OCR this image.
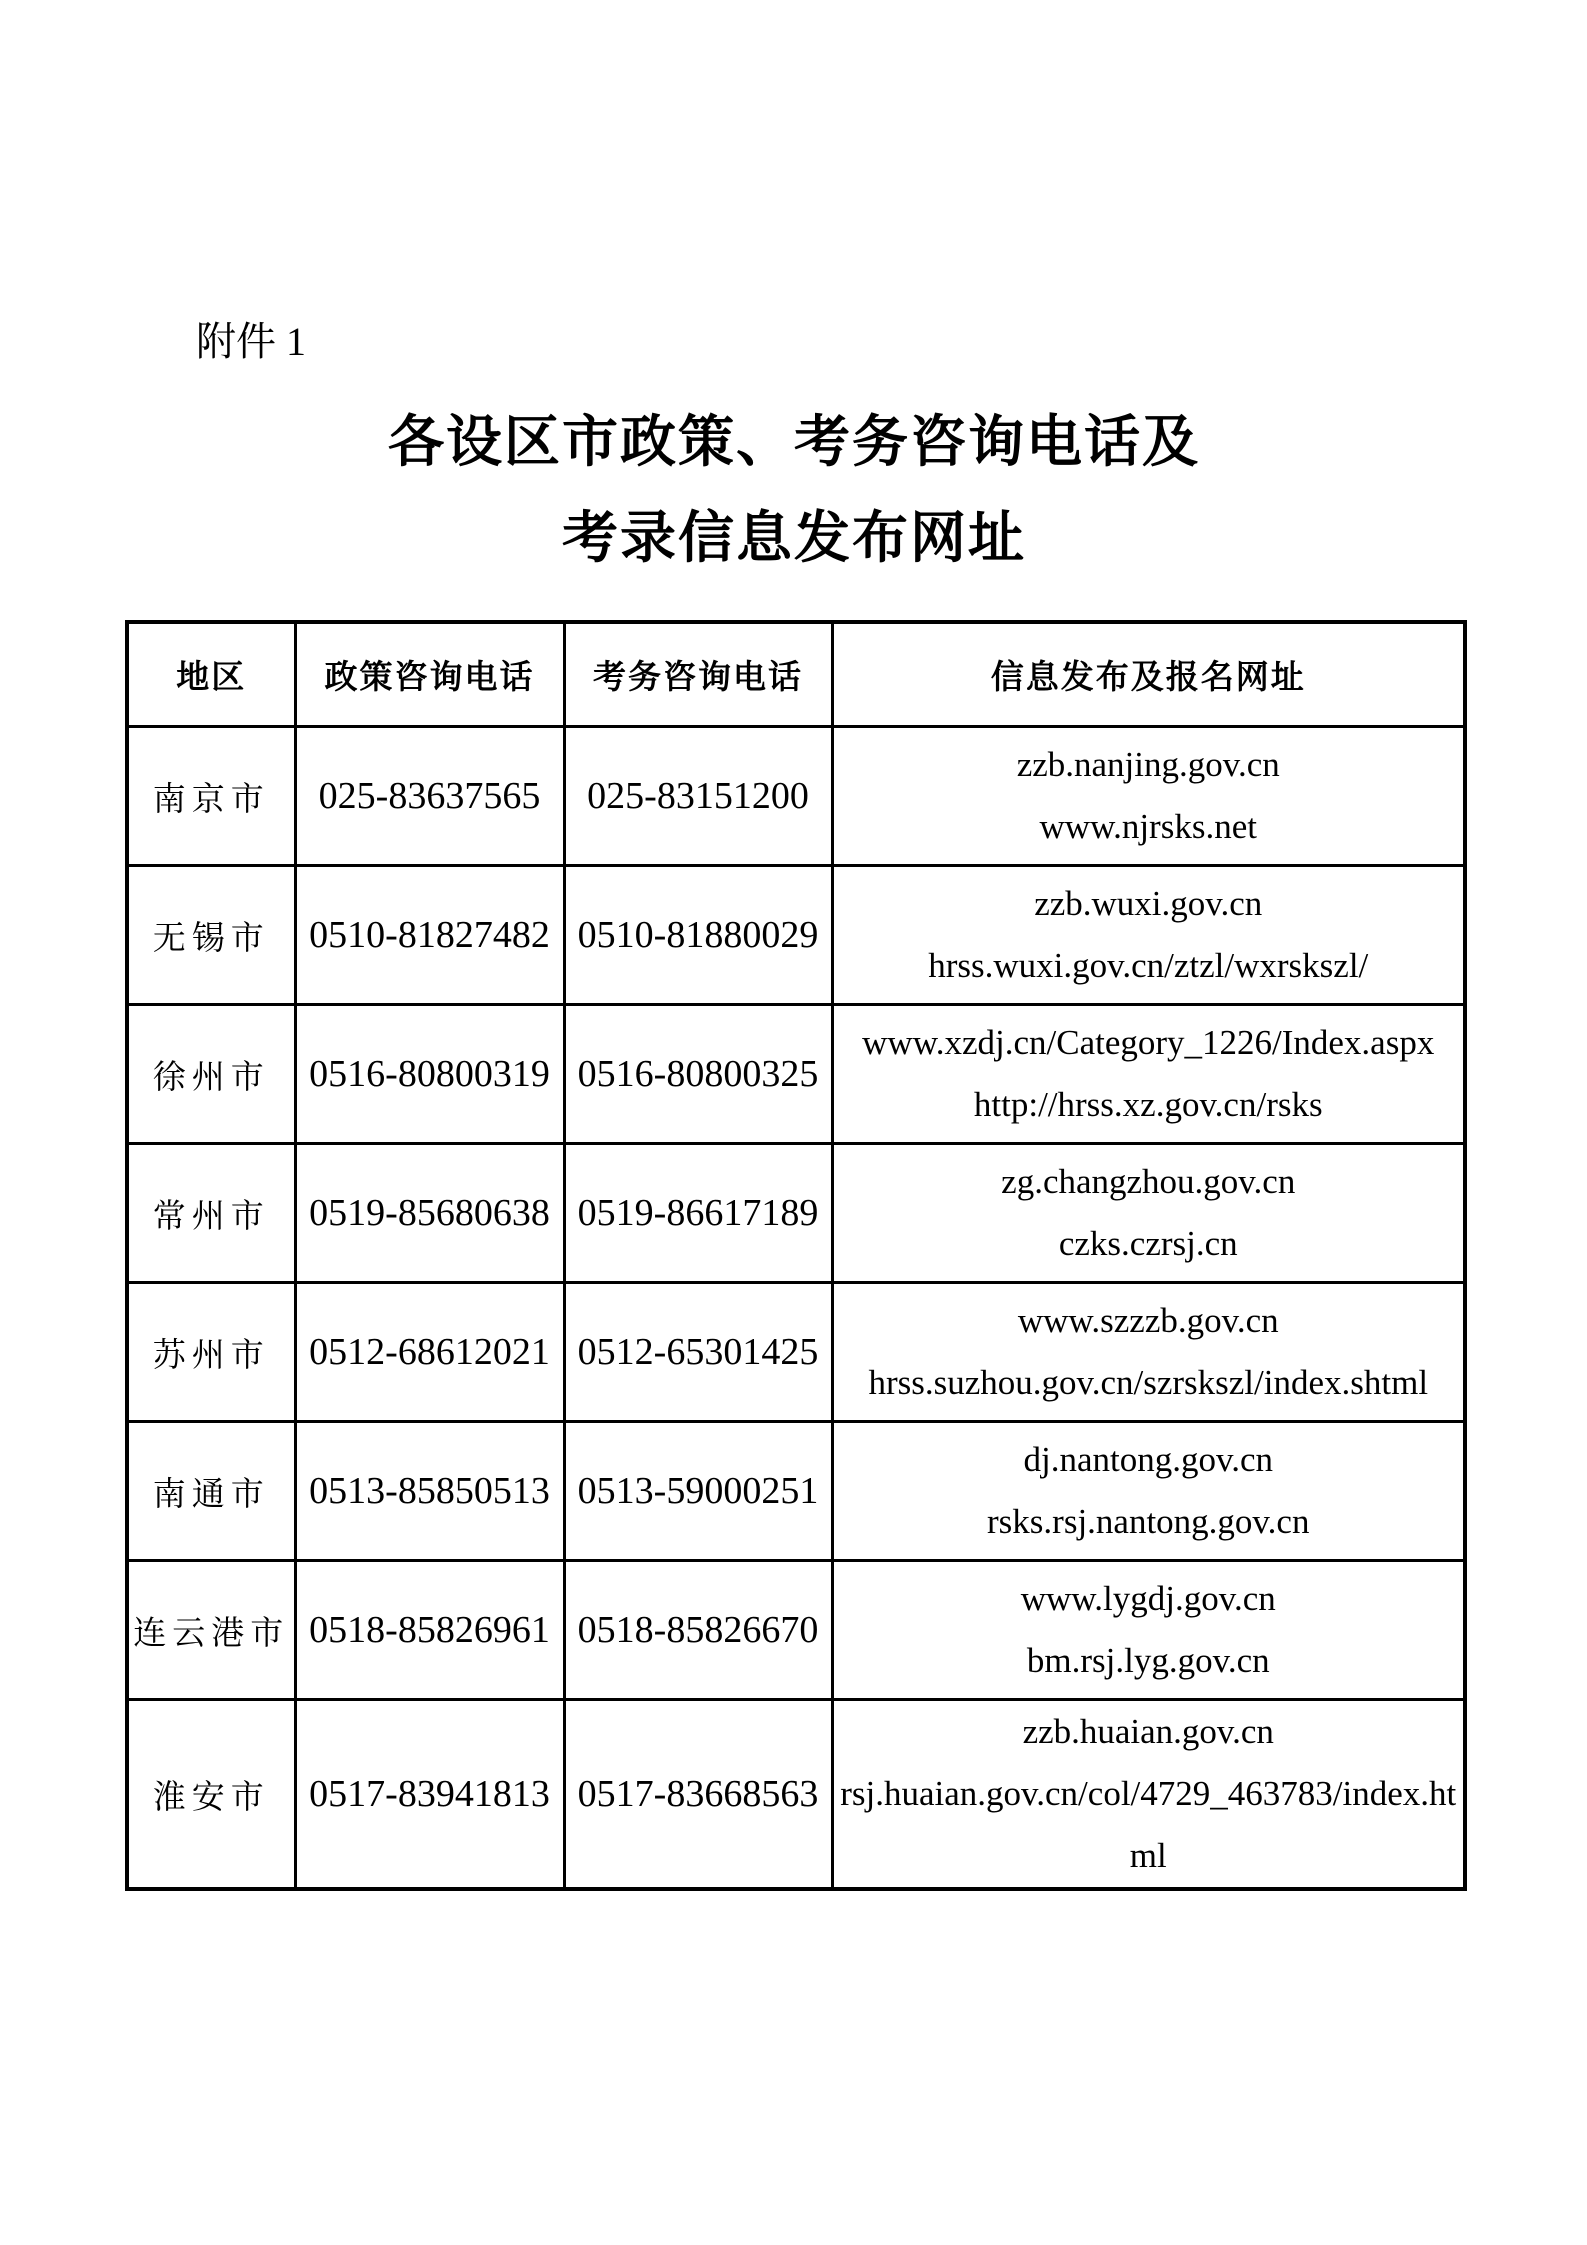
附件 1
各设区市政策、考务咨询电话及
考录信息发布网址
地区	政策咨询电话	考务咨询电话	信息发布及报名网址
南京市	025-83637565	025-83151200	zzb.nanjing.gov.cn
www.njrsks.net

无锡市	0510-81827482	0510-81880029	zzb.wuxi.gov.cn
hrss.wuxi.gov.cn/ztzl/wxrskszl/

徐州市	0516-80800319	0516-80800325	www.xzdj.cn/Category_1226/Index.aspx
http://hrss.xz.gov.cn/rsks

常州市	0519-85680638	0519-86617189	zg.changzhou.gov.cn
czks.czrsj.cn

苏州市	0512-68612021	0512-65301425	www.szzzb.gov.cn
hrss.suzhou.gov.cn/szrskszl/index.shtml

南通市	0513-85850513	0513-59000251	dj.nantong.gov.cn
rsks.rsj.nantong.gov.cn

连云港市	0518-85826961	0518-85826670	www.lygdj.gov.cn
bm.rsj.lyg.gov.cn

淮安市	0517-83941813	0517-83668563	zzb.huaian.gov.cn
rsj.huaian.gov.cn/col/4729_463783/index.html
